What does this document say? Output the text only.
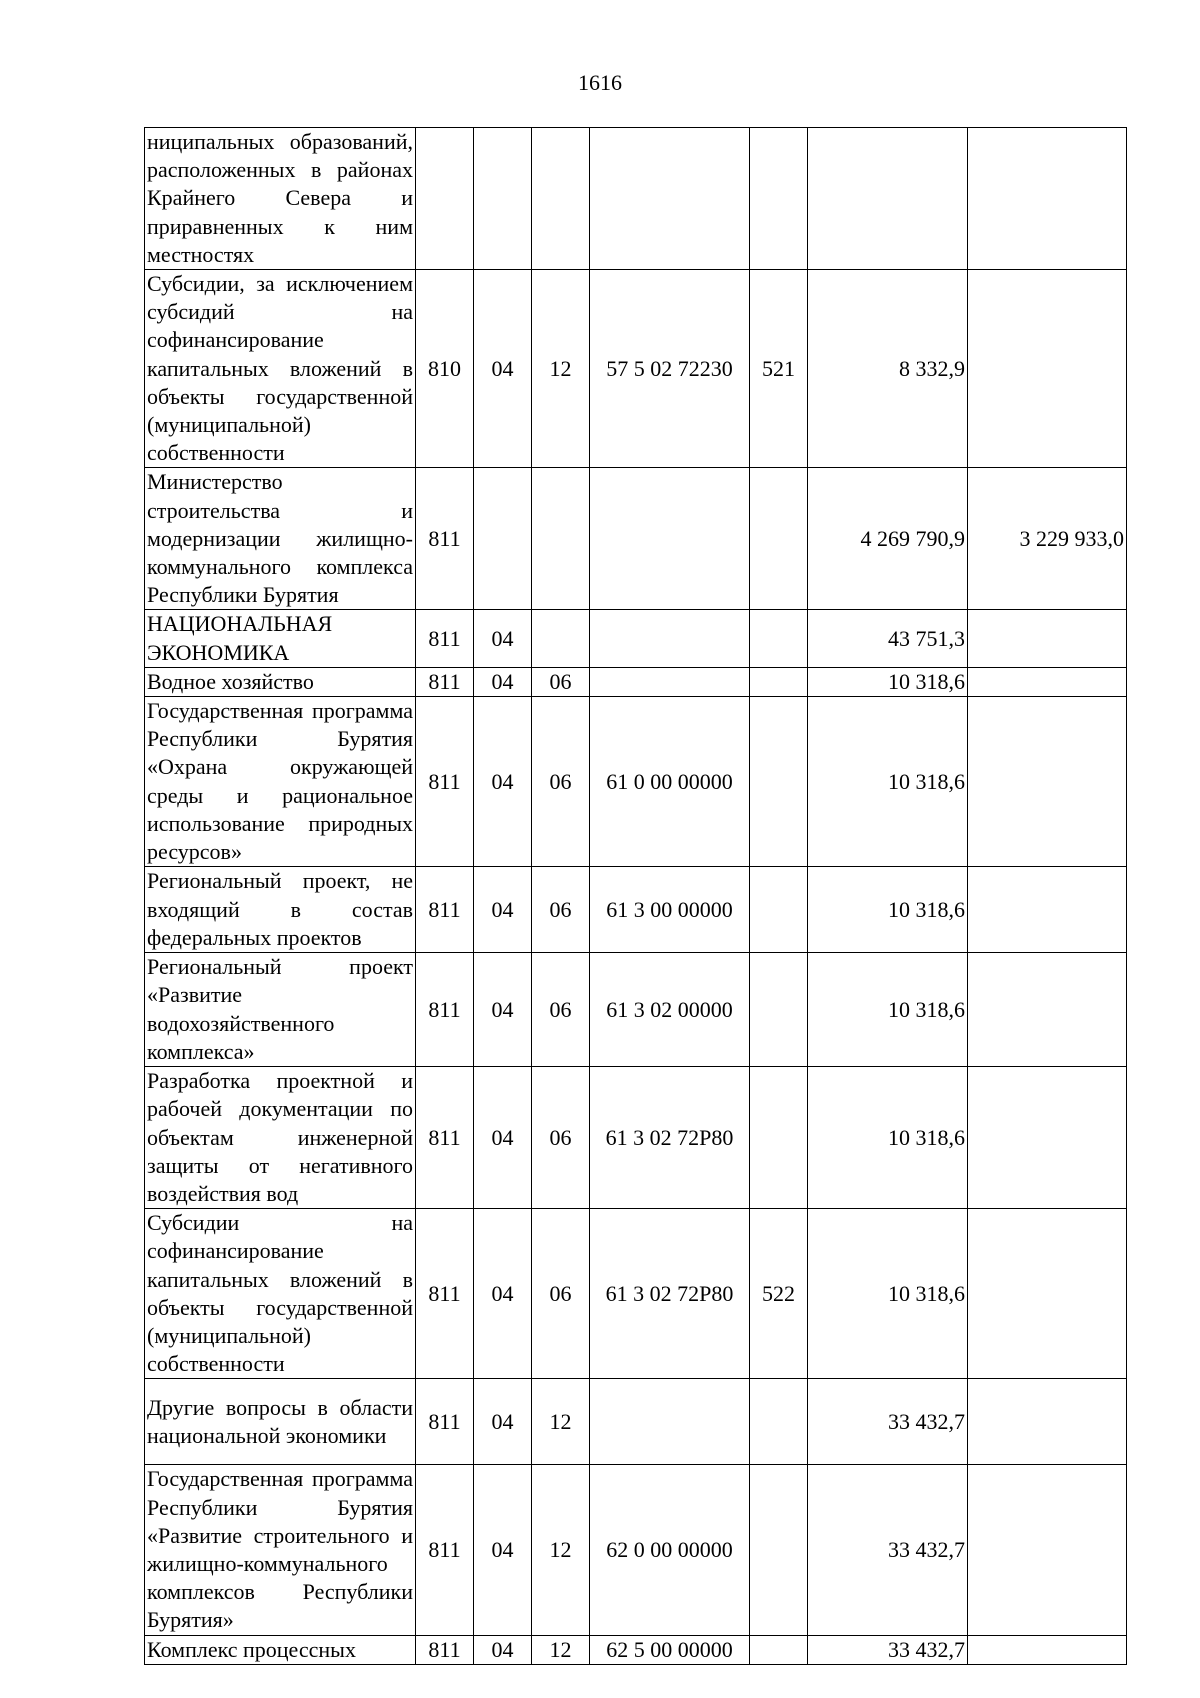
1616
ниципальных образований, расположенных в районах Крайнего Севера и приравненных к ним местностях							
Субсидии, за исключением субсидий на софинансирование капитальных вложений в объекты государственной (муниципальной) собственности	810	04	12	57 5 02 72230	521	8 332,9	
Министерство строительства и модернизации жилищно-коммунального комплекса Республики Бурятия	811					4 269 790,9	3 229 933,0
НАЦИОНАЛЬНАЯ ЭКОНОМИКА	811	04				43 751,3	
Водное хозяйство	811	04	06			10 318,6	
Государственная программа Республики Бурятия «Охрана окружающей среды и рациональное использование природных ресурсов»	811	04	06	61 0 00 00000		10 318,6	
Региональный проект, не входящий в состав федеральных проектов	811	04	06	61 3 00 00000		10 318,6	
Региональный проект «Развитие водохозяйственного комплекса»	811	04	06	61 3 02 00000		10 318,6	
Разработка проектной и рабочей документации по объектам инженерной защиты от негативного воздействия вод	811	04	06	61 3 02 72Р80		10 318,6	
Субсидии на софинансирование капитальных вложений в объекты государственной (муниципальной) собственности	811	04	06	61 3 02 72Р80	522	10 318,6	
Другие вопросы в области национальной экономики	811	04	12			33 432,7	
Государственная программа Республики Бурятия «Развитие строительного и жилищно-коммунального комплексов Республики Бурятия»	811	04	12	62 0 00 00000		33 432,7	
Комплекс процессных	811	04	12	62 5 00 00000		33 432,7	
